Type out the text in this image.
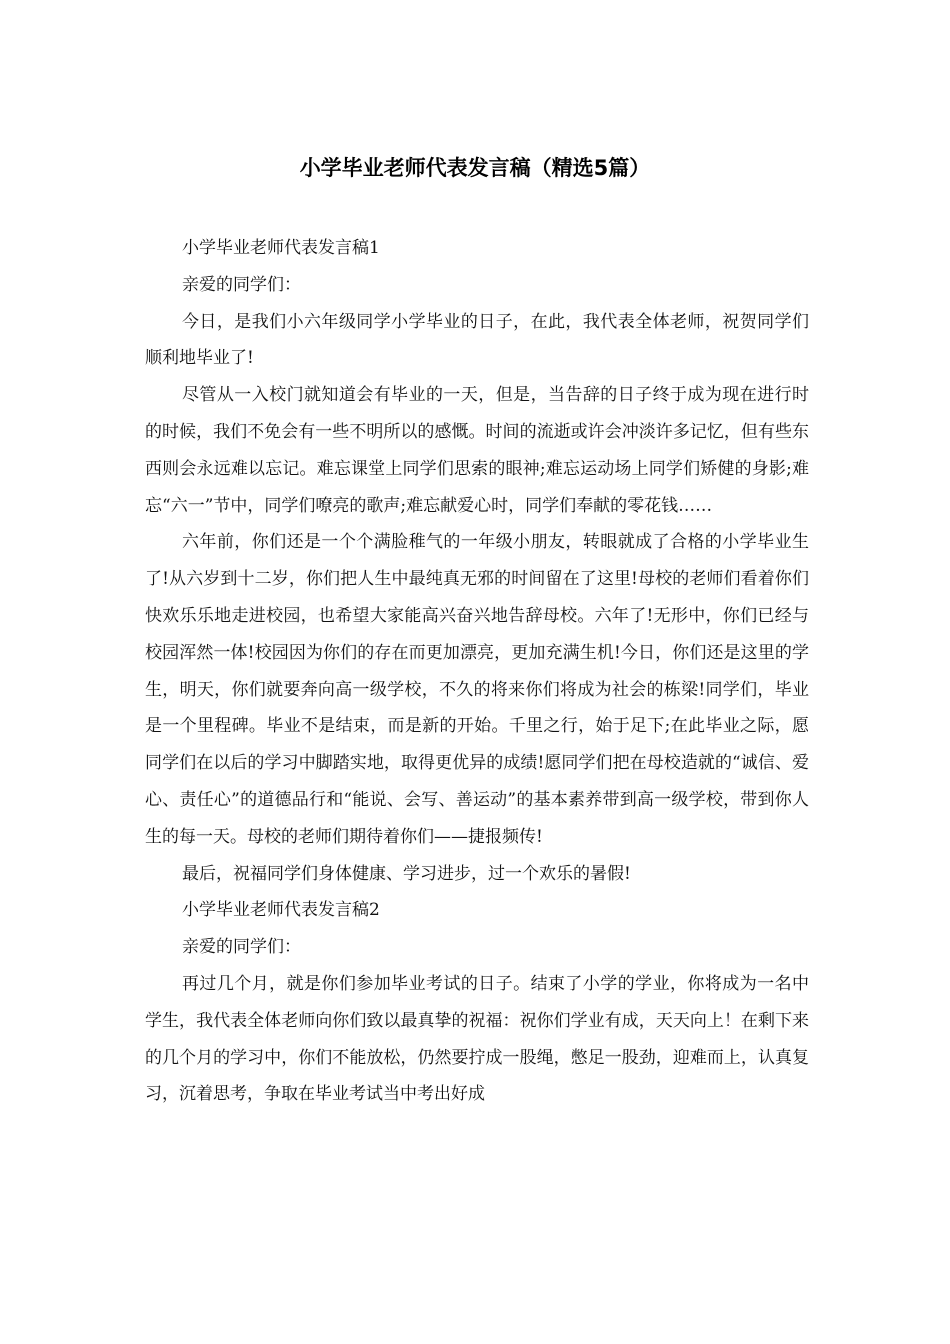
小学毕业老师代表发言稿（精选5篇）

小学毕业老师代表发言稿1

亲爱的同学们：

今日，是我们小六年级同学小学毕业的日子，在此，我代表全体老师，祝贺同学们顺利地毕业了!

尽管从一入校门就知道会有毕业的一天，但是，当告辞的日子终于成为现在进行时的时候，我们不免会有一些不明所以的感慨。时间的流逝或许会冲淡许多记忆，但有些东西则会永远难以忘记。难忘课堂上同学们思索的眼神;难忘运动场上同学们矫健的身影;难忘“六一”节中，同学们嘹亮的歌声;难忘献爱心时，同学们奉献的零花钱……

六年前，你们还是一个个满脸稚气的一年级小朋友，转眼就成了合格的小学毕业生了!从六岁到十二岁，你们把人生中最纯真无邪的时间留在了这里!母校的老师们看着你们快欢乐乐地走进校园，也希望大家能高兴奋兴地告辞母校。六年了!无形中，你们已经与校园浑然一体!校园因为你们的存在而更加漂亮，更加充满生机!今日，你们还是这里的学生，明天，你们就要奔向高一级学校，不久的将来你们将成为社会的栋梁!同学们，毕业是一个里程碑。毕业不是结束，而是新的开始。千里之行，始于足下;在此毕业之际，愿同学们在以后的学习中脚踏实地，取得更优异的成绩!愿同学们把在母校造就的“诚信、爱心、责任心”的道德品行和“能说、会写、善运动”的基本素养带到高一级学校，带到你人生的每一天。母校的老师们期待着你们——捷报频传!

最后，祝福同学们身体健康、学习进步，过一个欢乐的暑假!

小学毕业老师代表发言稿2

亲爱的同学们：

再过几个月，就是你们参加毕业考试的日子。结束了小学的学业，你将成为一名中学生，我代表全体老师向你们致以最真挚的祝福：祝你们学业有成，天天向上！在剩下来的几个月的学习中，你们不能放松，仍然要拧成一股绳，憋足一股劲，迎难而上，认真复习，沉着思考，争取在毕业考试当中考出好成
